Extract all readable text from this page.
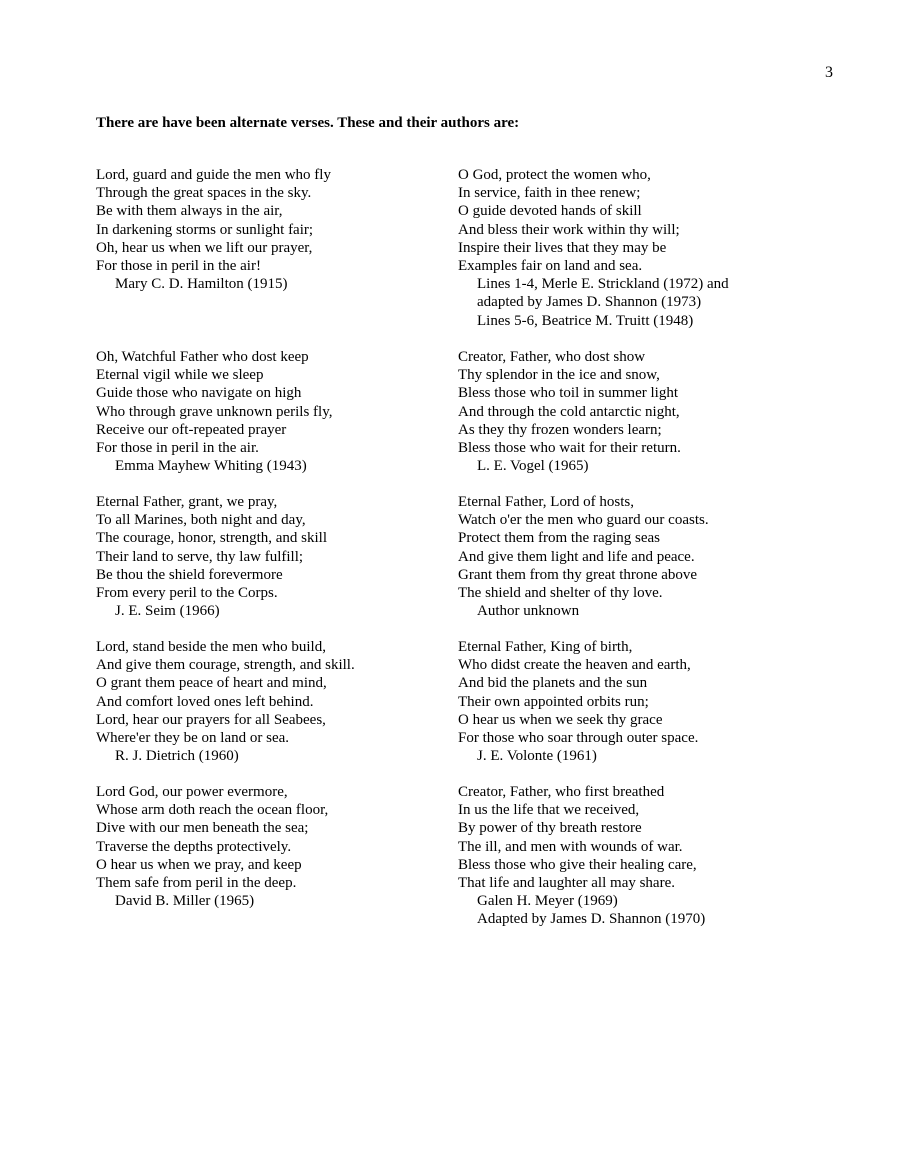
3
There are have been alternate verses. These and their authors are:
Lord, guard and guide the men who fly
Through the great spaces in the sky.
Be with them always in the air,
In darkening storms or sunlight fair;
Oh, hear us when we lift our prayer,
For those in peril in the air!
Mary C. D. Hamilton (1915)
Oh, Watchful Father who dost keep
Eternal vigil while we sleep
Guide those who navigate on high
Who through grave unknown perils fly,
Receive our oft-repeated prayer
For those in peril in the air.
Emma Mayhew Whiting (1943)
Eternal Father, grant, we pray,
To all Marines, both night and day,
The courage, honor, strength, and skill
Their land to serve, thy law fulfill;
Be thou the shield forevermore
From every peril to the Corps.
J. E. Seim (1966)
Lord, stand beside the men who build,
And give them courage, strength, and skill.
O grant them peace of heart and mind,
And comfort loved ones left behind.
Lord, hear our prayers for all Seabees,
Where'er they be on land or sea.
R. J. Dietrich (1960)
Lord God, our power evermore,
Whose arm doth reach the ocean floor,
Dive with our men beneath the sea;
Traverse the depths protectively.
O hear us when we pray, and keep
Them safe from peril in the deep.
David B. Miller (1965)
O God, protect the women who,
In service, faith in thee renew;
O guide devoted hands of skill
And bless their work within thy will;
Inspire their lives that they may be
Examples fair on land and sea.
Lines 1-4, Merle E. Strickland (1972) and
adapted by James D. Shannon (1973)
Lines 5-6, Beatrice M. Truitt (1948)
Creator, Father, who dost show
Thy splendor in the ice and snow,
Bless those who toil in summer light
And through the cold antarctic night,
As they thy frozen wonders learn;
Bless those who wait for their return.
L. E. Vogel (1965)
Eternal Father, Lord of hosts,
Watch o'er the men who guard our coasts.
Protect them from the raging seas
And give them light and life and peace.
Grant them from thy great throne above
The shield and shelter of thy love.
Author unknown
Eternal Father, King of birth,
Who didst create the heaven and earth,
And bid the planets and the sun
Their own appointed orbits run;
O hear us when we seek thy grace
For those who soar through outer space.
J. E. Volonte (1961)
Creator, Father, who first breathed
In us the life that we received,
By power of thy breath restore
The ill, and men with wounds of war.
Bless those who give their healing care,
That life and laughter all may share.
Galen H. Meyer (1969)
Adapted by James D. Shannon (1970)
